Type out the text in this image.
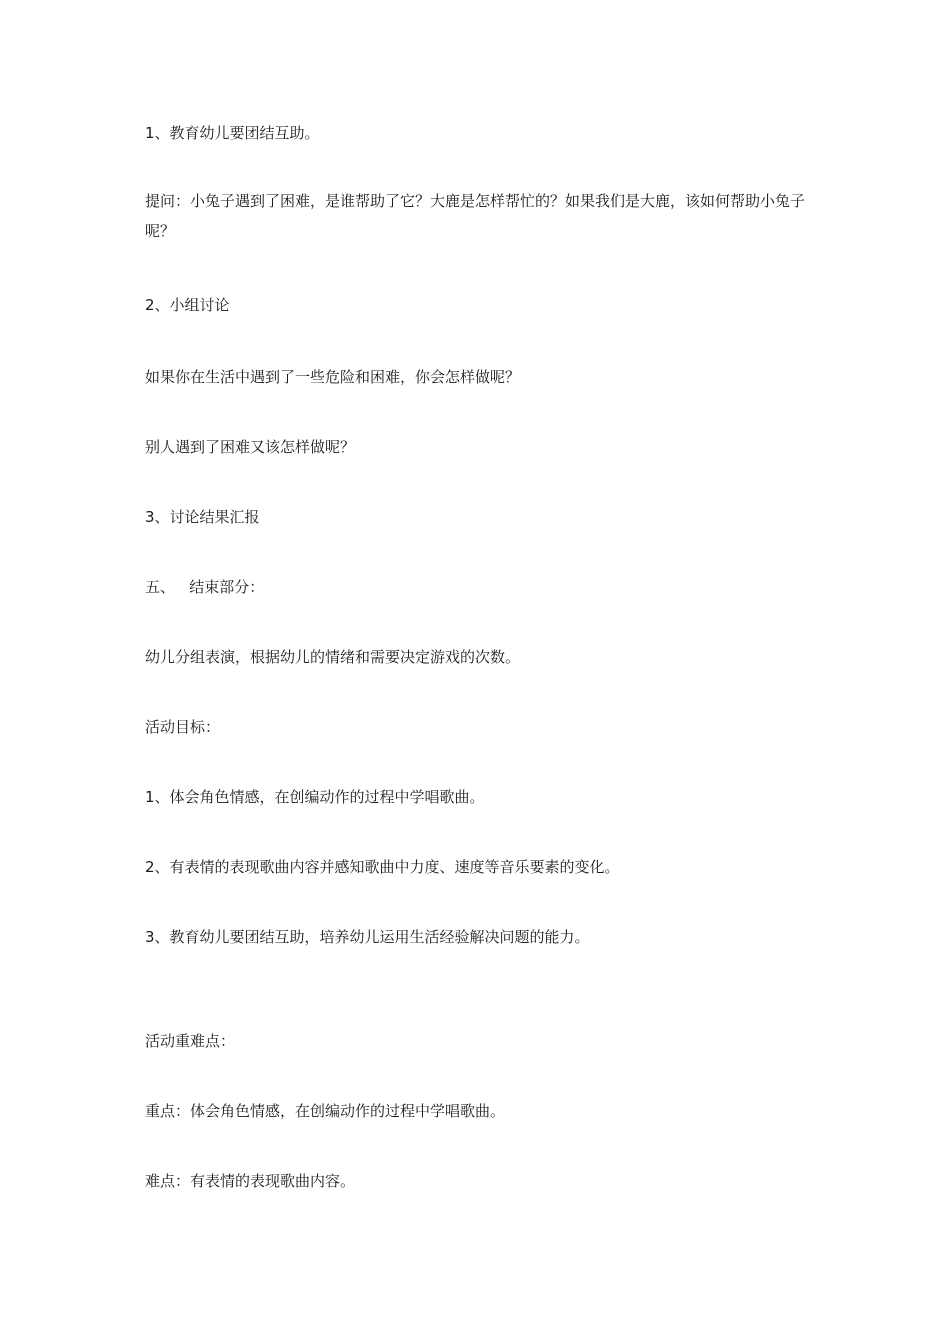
1、教育幼儿要团结互助。

提问：小兔子遇到了困难，是谁帮助了它？大鹿是怎样帮忙的？如果我们是大鹿，该如何帮助小兔子呢？

2、小组讨论

如果你在生活中遇到了一些危险和困难，你会怎样做呢？

别人遇到了困难又该怎样做呢？

3、讨论结果汇报

五、   结束部分：

幼儿分组表演，根据幼儿的情绪和需要决定游戏的次数。

活动目标：

1、体会角色情感，在创编动作的过程中学唱歌曲。

2、有表情的表现歌曲内容并感知歌曲中力度、速度等音乐要素的变化。

3、教育幼儿要团结互助，培养幼儿运用生活经验解决问题的能力。

活动重难点：

重点：体会角色情感，在创编动作的过程中学唱歌曲。

难点：有表情的表现歌曲内容。
